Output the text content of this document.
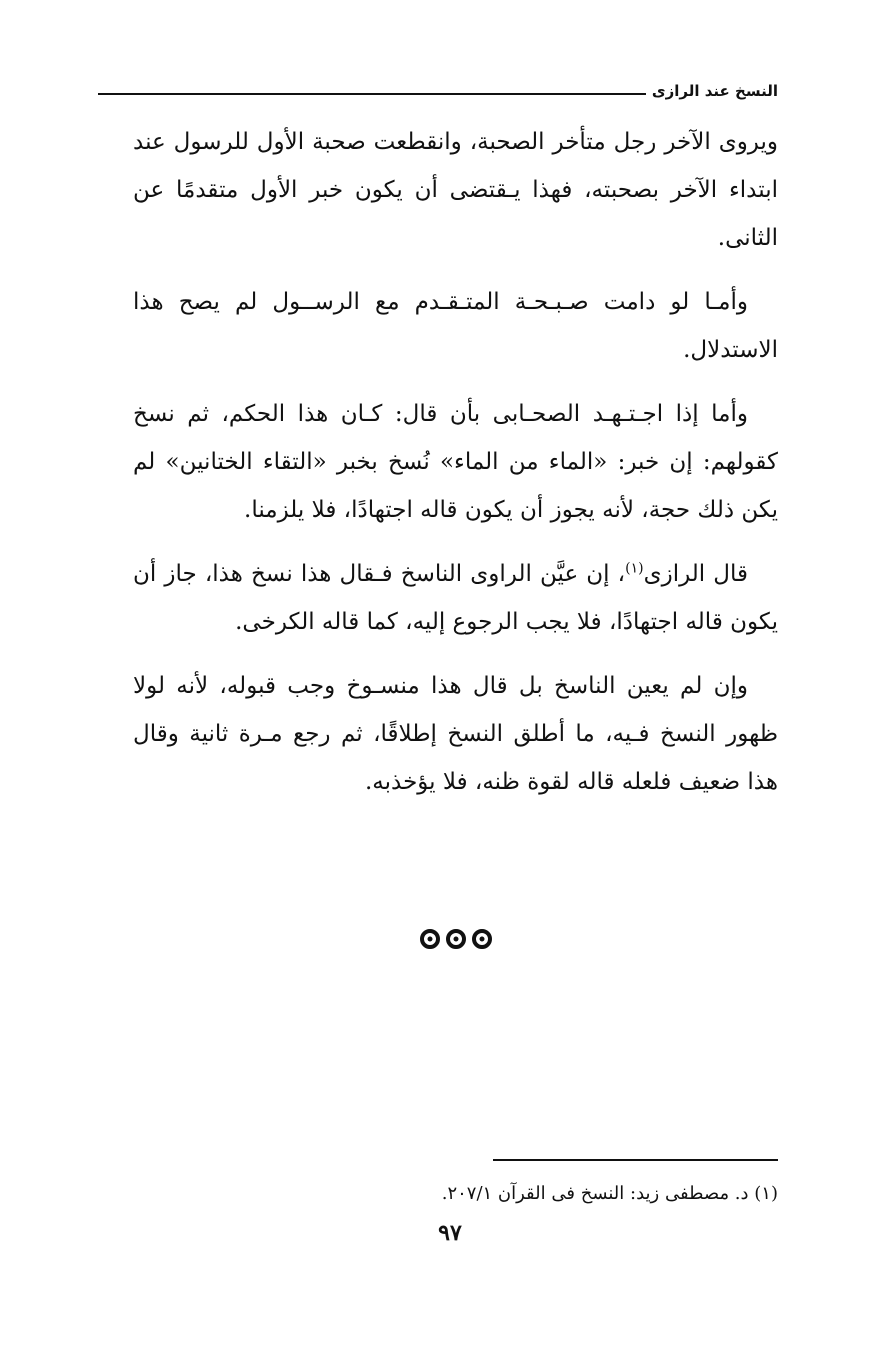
النسخ عند الرازى

ويروى الآخر رجل متأخر الصحبة، وانقطعت صحبة الأول للرسول عند ابتداء الآخر بصحبته، فهذا يـقتضى أن يكون خبر الأول متقدمًا عن الثانى.

وأمـا لو دامت صـبـحـة المتـقـدم مع الرســول لم يصح هذا الاستدلال.

وأما إذا اجـتـهـد الصحـابى بأن قال: كـان هذا الحكم، ثم نسخ كقولهم: إن خبر: «الماء من الماء» نُسخ بخبر «التقاء الختانين» لم يكن ذلك حجة، لأنه يجوز أن يكون قاله اجتهادًا، فلا يلزمنا.

قال الرازى$^{(١)}$، إن عيَّن الراوى الناسخ فـقال هذا نسخ هذا، جاز أن يكون قاله اجتهادًا، فلا يجب الرجوع إليه، كما قاله الكرخى.

وإن لم يعين الناسخ بل قال هذا منسـوخ وجب قبوله، لأنه لولا ظهور النسخ فـيه، ما أطلق النسخ إطلاقًا، ثم رجع مـرة ثانية وقال هذا ضعيف فلعله قاله لقوة ظنه، فلا يؤخذبه.

(١) د. مصطفى زيد: النسخ فى القرآن ٢٠٧/١.
٩٧
